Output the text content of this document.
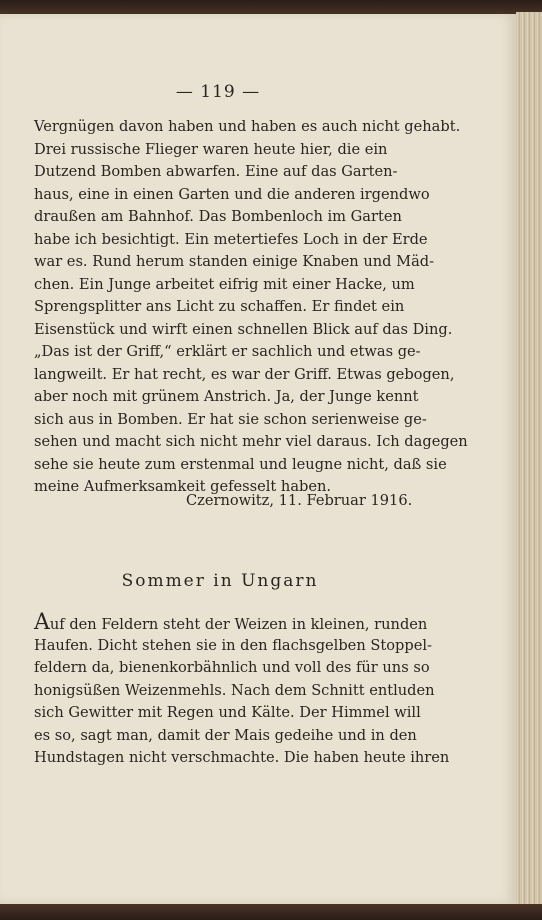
— 119 —
Vergnügen davon haben und haben es auch nicht gehabt.
Drei russische Flieger waren heute hier, die ein
Dutzend Bomben abwarfen. Eine auf das Garten-
haus, eine in einen Garten und die anderen irgendwo
draußen am Bahnhof. Das Bombenloch im Garten
habe ich besichtigt. Ein metertiefes Loch in der Erde
war es. Rund herum standen einige Knaben und Mäd-
chen. Ein Junge arbeitet eifrig mit einer Hacke, um
Sprengsplitter ans Licht zu schaffen. Er findet ein
Eisenstück und wirft einen schnellen Blick auf das Ding.
„Das ist der Griff,“ erklärt er sachlich und etwas ge-
langweilt. Er hat recht, es war der Griff. Etwas gebogen,
aber noch mit grünem Anstrich. Ja, der Junge kennt
sich aus in Bomben. Er hat sie schon serienweise ge-
sehen und macht sich nicht mehr viel daraus. Ich dagegen
sehe sie heute zum erstenmal und leugne nicht, daß sie
meine Aufmerksamkeit gefesselt haben.
Czernowitz, 11. Februar 1916.
Sommer in Ungarn
Auf den Feldern steht der Weizen in kleinen, runden
Haufen. Dicht stehen sie in den flachsgelben Stoppel-
feldern da, bienenkorbähnlich und voll des für uns so
honigsüßen Weizenmehls. Nach dem Schnitt entluden
sich Gewitter mit Regen und Kälte. Der Himmel will
es so, sagt man, damit der Mais gedeihe und in den
Hundstagen nicht verschmachte. Die haben heute ihren
